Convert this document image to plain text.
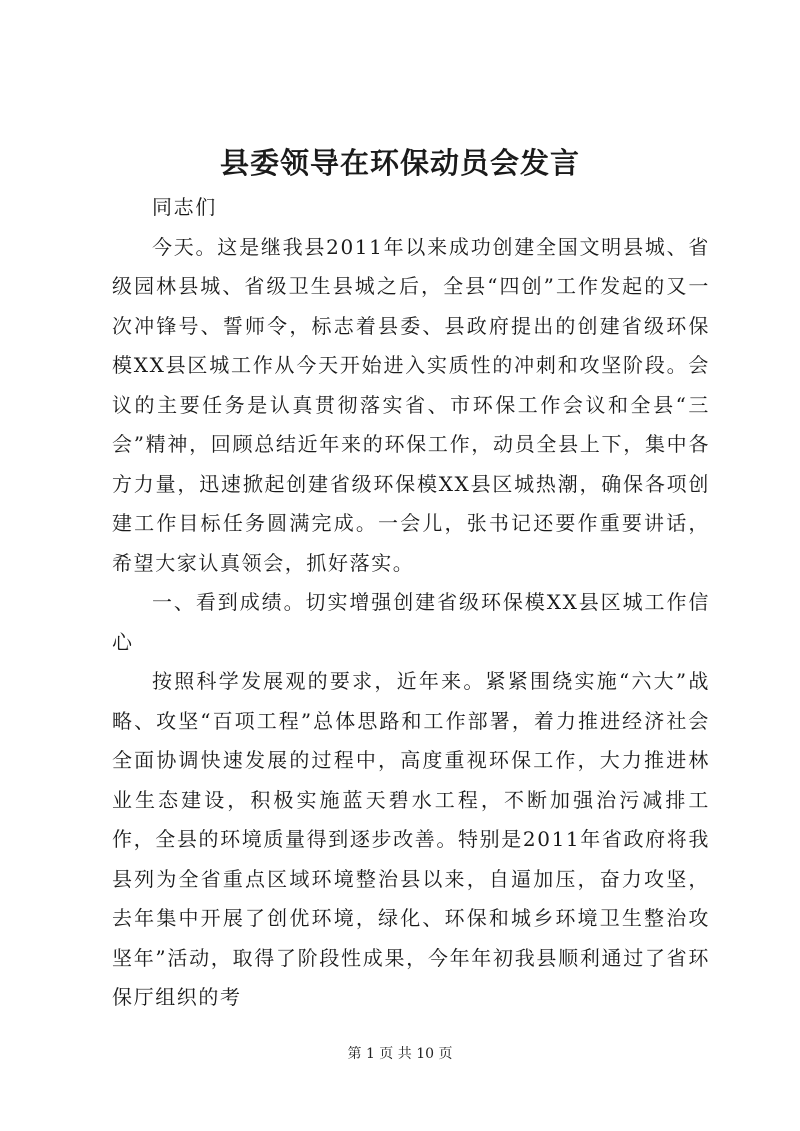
县委领导在环保动员会发言

同志们

今天。这是继我县2011年以来成功创建全国文明县城、省级园林县城、省级卫生县城之后，全县“四创”工作发起的又一次冲锋号、誓师令，标志着县委、县政府提出的创建省级环保模XX县区城工作从今天开始进入实质性的冲刺和攻坚阶段。会议的主要任务是认真贯彻落实省、市环保工作会议和全县“三会”精神，回顾总结近年来的环保工作，动员全县上下，集中各方力量，迅速掀起创建省级环保模XX县区城热潮，确保各项创建工作目标任务圆满完成。一会儿，张书记还要作重要讲话，希望大家认真领会，抓好落实。

一、看到成绩。切实增强创建省级环保模XX县区城工作信心

按照科学发展观的要求，近年来。紧紧围绕实施“六大”战略、攻坚“百项工程”总体思路和工作部署，着力推进经济社会全面协调快速发展的过程中，高度重视环保工作，大力推进林业生态建设，积极实施蓝天碧水工程，不断加强治污减排工作，全县的环境质量得到逐步改善。特别是2011年省政府将我县列为全省重点区域环境整治县以来，自逼加压，奋力攻坚，去年集中开展了创优环境，绿化、环保和城乡环境卫生整治攻坚年”活动，取得了阶段性成果，今年年初我县顺利通过了省环保厅组织的考

第 1 页 共 10 页
